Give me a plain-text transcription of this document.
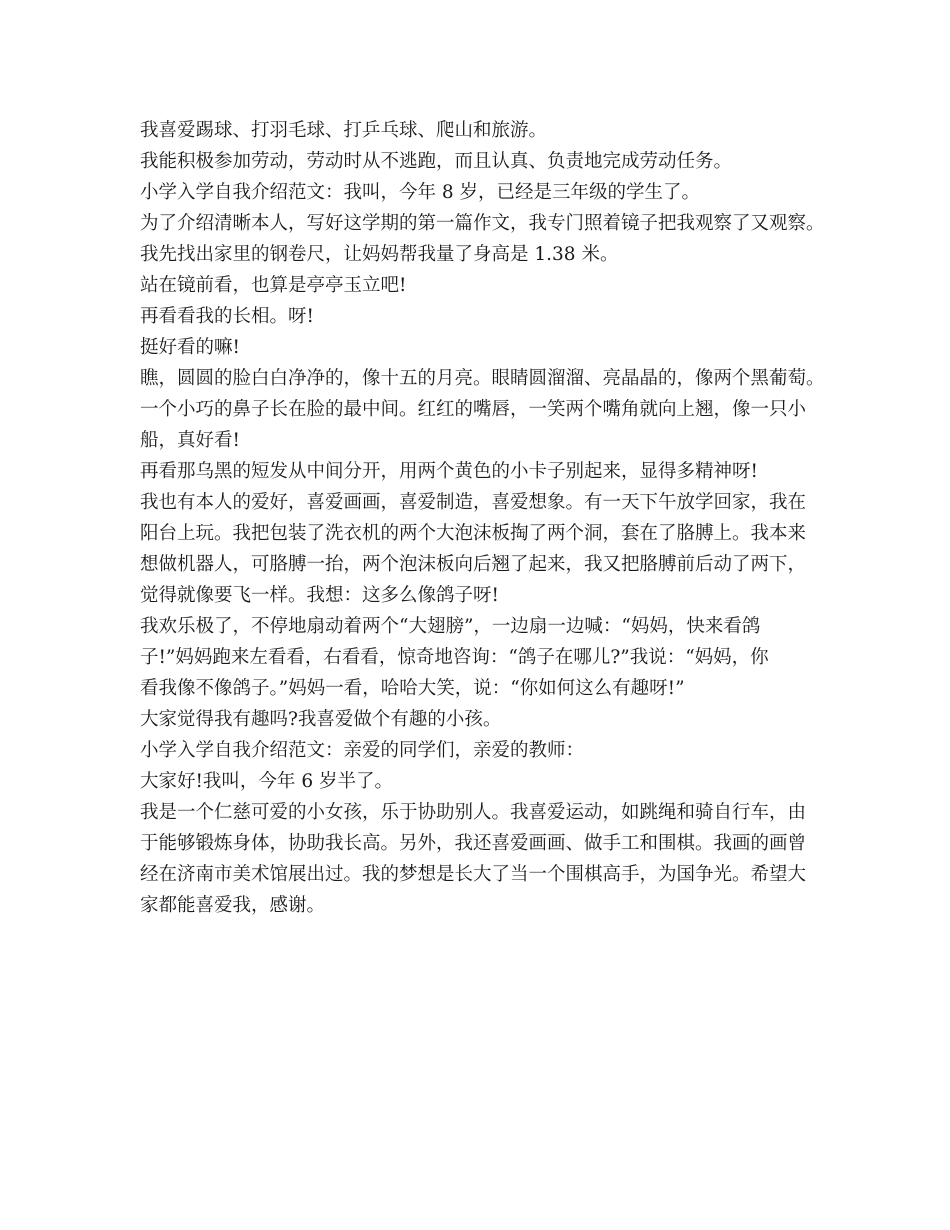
我喜爱踢球、打羽毛球、打乒乓球、爬山和旅游。

我能积极参加劳动，劳动时从不逃跑，而且认真、负责地完成劳动任务。

小学入学自我介绍范文：我叫，今年 8 岁，已经是三年级的学生了。

为了介绍清晰本人，写好这学期的第一篇作文，我专门照着镜子把我观察了又观察。

我先找出家里的钢卷尺，让妈妈帮我量了身高是 1.38 米。

站在镜前看，也算是亭亭玉立吧!

再看看我的长相。呀!

挺好看的嘛!

瞧，圆圆的脸白白净净的，像十五的月亮。眼睛圆溜溜、亮晶晶的，像两个黑葡萄。

一个小巧的鼻子长在脸的最中间。红红的嘴唇，一笑两个嘴角就向上翘，像一只小

船，真好看!

再看那乌黑的短发从中间分开，用两个黄色的小卡子别起来，显得多精神呀!

我也有本人的爱好，喜爱画画，喜爱制造，喜爱想象。有一天下午放学回家，我在

阳台上玩。我把包装了洗衣机的两个大泡沫板掏了两个洞，套在了胳膊上。我本来

想做机器人，可胳膊一抬，两个泡沫板向后翘了起来，我又把胳膊前后动了两下，

觉得就像要飞一样。我想：这多么像鸽子呀!

我欢乐极了，不停地扇动着两个“大翅膀”，一边扇一边喊：“妈妈，快来看鸽

子!”妈妈跑来左看看，右看看，惊奇地咨询：“鸽子在哪儿?”我说：“妈妈，你

看我像不像鸽子。”妈妈一看，哈哈大笑，说：“你如何这么有趣呀!”

大家觉得我有趣吗?我喜爱做个有趣的小孩。

小学入学自我介绍范文：亲爱的同学们，亲爱的教师：

大家好!我叫，今年 6 岁半了。

我是一个仁慈可爱的小女孩，乐于协助别人。我喜爱运动，如跳绳和骑自行车，由

于能够锻炼身体，协助我长高。另外，我还喜爱画画、做手工和围棋。我画的画曾

经在济南市美术馆展出过。我的梦想是长大了当一个围棋高手，为国争光。希望大

家都能喜爱我，感谢。
